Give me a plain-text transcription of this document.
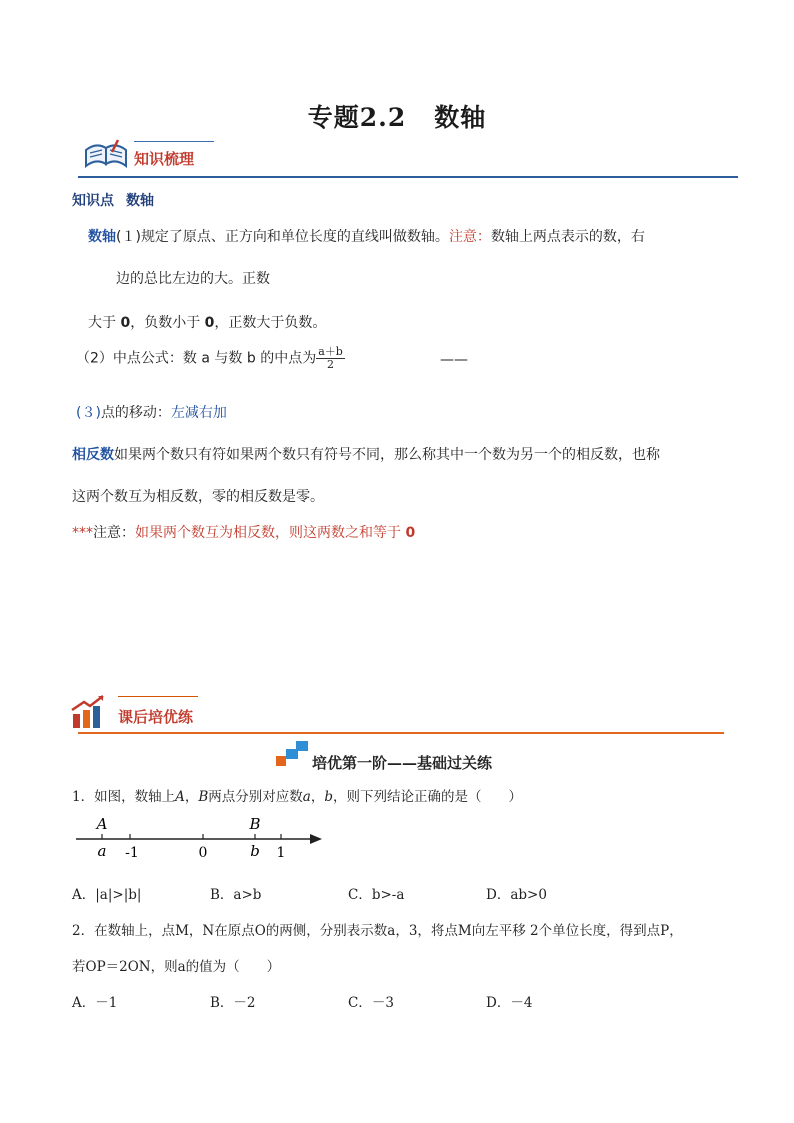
专题2.2 数轴
知识梳理
知识点 数轴
数轴(１)规定了原点、正方向和单位长度的直线叫做数轴。注意：数轴上两点表示的数，右
边的总比左边的大。正数
大于 0，负数小于 0，正数大于负数。
（2）中点公式：数 a 与数 b 的中点为 $\frac{a+b}{2}$	——
(３)点的移动：左减右加
相反数如果两个数只有符如果两个数只有符号不同，那么称其中一个数为另一个的相反数，也称
这两个数互为相反数，零的相反数是零。
***注意：如果两个数互为相反数，则这两数之和等于 0
课后培优练
培优第一阶——基础过关练
1．如图，数轴上A，B两点分别对应数a，b，则下列结论正确的是（　　）
A	B
a -1	0	b 1
A．|a|>|b|	B．a>b	C．b>-a	D．ab>0
2．在数轴上，点M，N在原点O的两侧，分别表示数a，3，将点M向左平移 2个单位长度，得到点P，
若OP＝2ON，则a的值为（　　）
A．－1	B．－2	C．－3	D．－4
